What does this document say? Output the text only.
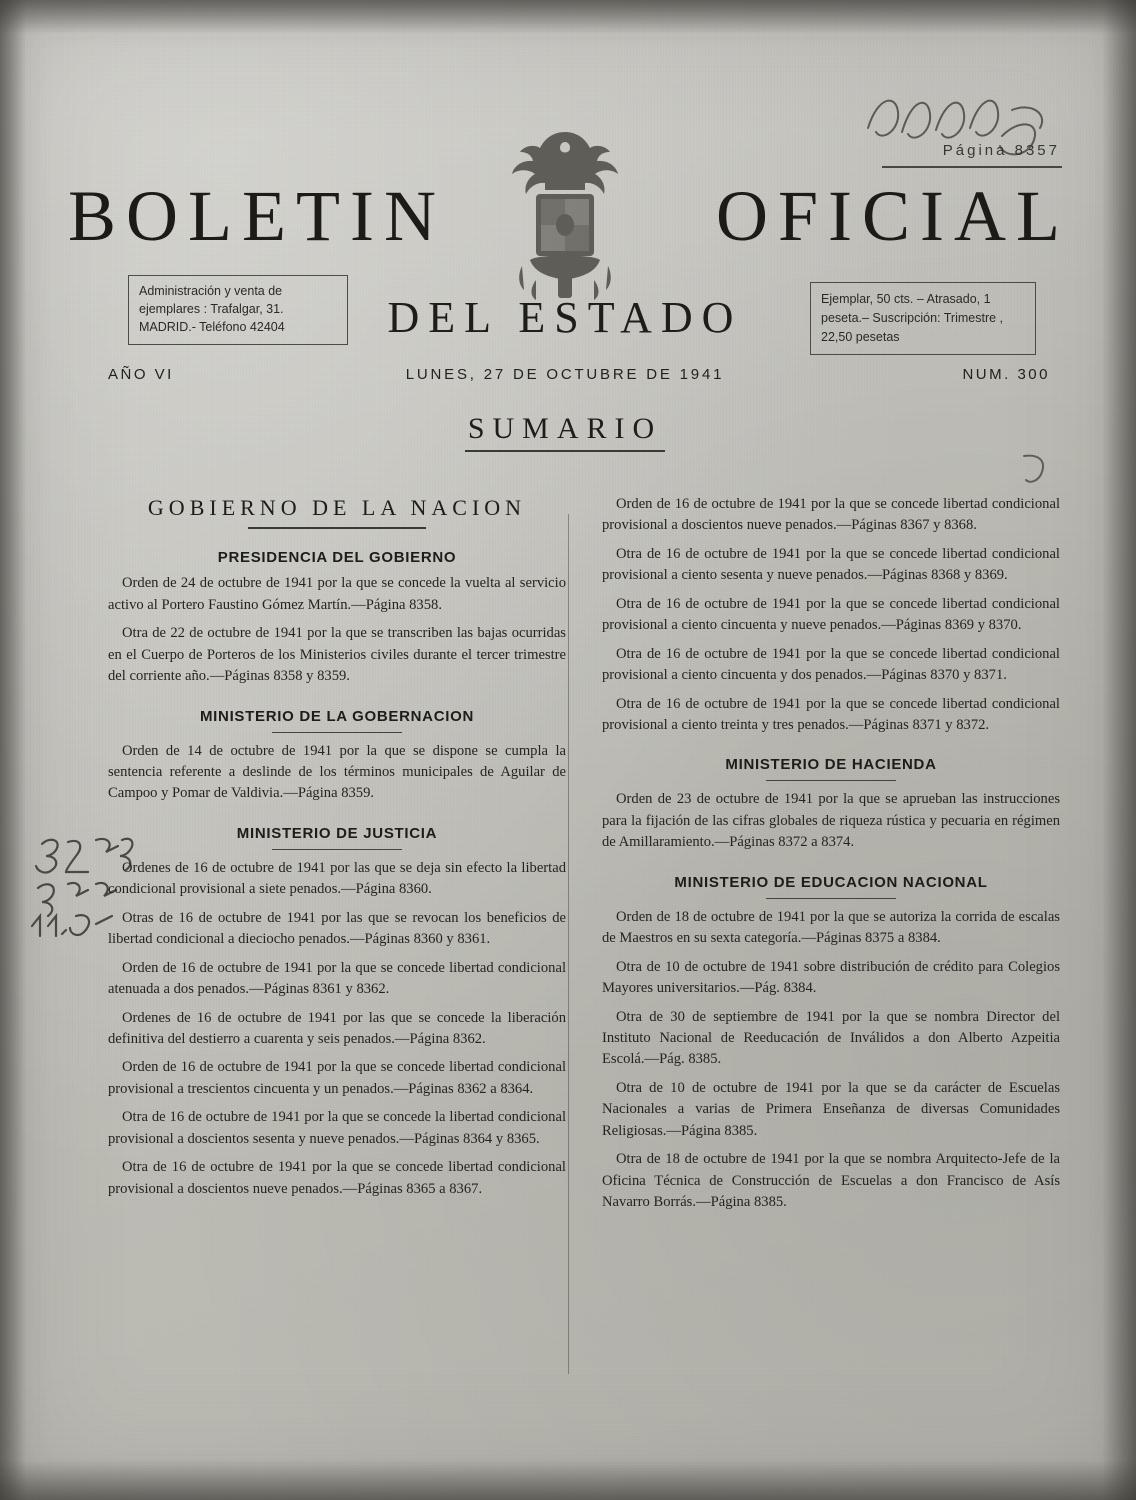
Página 8357
BOLETIN	OFICIAL
DEL ESTADO
Administración y venta de ejemplares : Trafalgar, 31. MADRID.- Teléfono 42404
Ejemplar, 50 cts. – Atrasado, 1 peseta.– Suscripción: Trimestre , 22,50 pesetas
AÑO VI	LUNES, 27 DE OCTUBRE DE 1941	NUM. 300
SUMARIO
GOBIERNO DE LA NACION
PRESIDENCIA DEL GOBIERNO
Orden de 24 de octubre de 1941 por la que se concede la vuelta al servicio activo al Portero Faustino Gómez Martín.—Página 8358.
Otra de 22 de octubre de 1941 por la que se transcriben las bajas ocurridas en el Cuerpo de Porteros de los Ministerios civiles durante el tercer trimestre del corriente año.—Páginas 8358 y 8359.
MINISTERIO DE LA GOBERNACION
Orden de 14 de octubre de 1941 por la que se dispone se cumpla la sentencia referente a deslinde de los términos municipales de Aguilar de Campoo y Pomar de Valdivia.—Página 8359.
MINISTERIO DE JUSTICIA
Ordenes de 16 de octubre de 1941 por las que se deja sin efecto la libertad condicional provisional a siete penados.—Página 8360.
Otras de 16 de octubre de 1941 por las que se revocan los beneficios de libertad condicional a dieciocho penados.—Páginas 8360 y 8361.
Orden de 16 de octubre de 1941 por la que se concede libertad condicional atenuada a dos penados.—Páginas 8361 y 8362.
Ordenes de 16 de octubre de 1941 por las que se concede la liberación definitiva del destierro a cuarenta y seis penados.—Página 8362.
Orden de 16 de octubre de 1941 por la que se concede libertad condicional provisional a trescientos cincuenta y un penados.—Páginas 8362 a 8364.
Otra de 16 de octubre de 1941 por la que se concede la libertad condicional provisional a doscientos sesenta y nueve penados.—Páginas 8364 y 8365.
Otra de 16 de octubre de 1941 por la que se concede libertad condicional provisional a doscientos nueve penados.—Páginas 8365 a 8367.
Orden de 16 de octubre de 1941 por la que se concede libertad condicional provisional a doscientos nueve penados.—Páginas 8367 y 8368.
Otra de 16 de octubre de 1941 por la que se concede libertad condicional provisional a ciento sesenta y nueve penados.—Páginas 8368 y 8369.
Otra de 16 de octubre de 1941 por la que se concede libertad condicional provisional a ciento cincuenta y nueve penados.—Páginas 8369 y 8370.
Otra de 16 de octubre de 1941 por la que se concede libertad condicional provisional a ciento cincuenta y dos penados.—Páginas 8370 y 8371.
Otra de 16 de octubre de 1941 por la que se concede libertad condicional provisional a ciento treinta y tres penados.—Páginas 8371 y 8372.
MINISTERIO DE HACIENDA
Orden de 23 de octubre de 1941 por la que se aprueban las instrucciones para la fijación de las cifras globales de riqueza rústica y pecuaria en régimen de Amillaramiento.—Páginas 8372 a 8374.
MINISTERIO DE EDUCACION NACIONAL
Orden de 18 de octubre de 1941 por la que se autoriza la corrida de escalas de Maestros en su sexta categoría.—Páginas 8375 a 8384.
Otra de 10 de octubre de 1941 sobre distribución de crédito para Colegios Mayores universitarios.—Pág. 8384.
Otra de 30 de septiembre de 1941 por la que se nombra Director del Instituto Nacional de Reeducación de Inválidos a don Alberto Azpeitia Escolá.—Pág. 8385.
Otra de 10 de octubre de 1941 por la que se da carácter de Escuelas Nacionales a varias de Primera Enseñanza de diversas Comunidades Religiosas.—Página 8385.
Otra de 18 de octubre de 1941 por la que se nombra Arquitecto-Jefe de la Oficina Técnica de Construcción de Escuelas a don Francisco de Asís Navarro Borrás.—Página 8385.
